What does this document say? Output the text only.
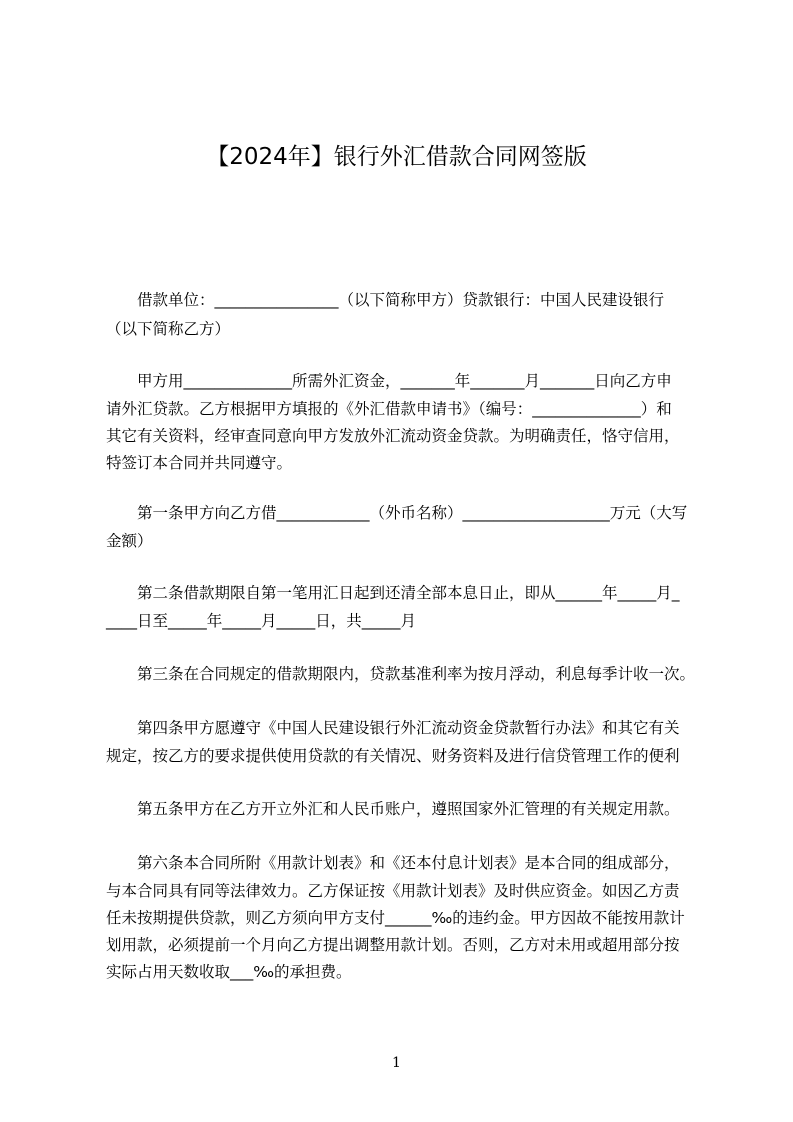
【2024年】银行外汇借款合同网签版

借款单位：________________（以下简称甲方）贷款银行：中国人民建设银行

（以下简称乙方）

甲方用______________所需外汇资金，_______年_______月_______日向乙方申

请外汇贷款。乙方根据甲方填报的《外汇借款申请书》（编号：______________）和

其它有关资料，经审查同意向甲方发放外汇流动资金贷款。为明确责任，恪守信用，

特签订本合同并共同遵守。

第一条甲方向乙方借____________（外币名称）___________________万元（大写

金额）

第二条借款期限自第一笔用汇日起到还清全部本息日止，即从______年_____月_

____日至_____年_____月_____日，共_____月

第三条在合同规定的借款期限内，贷款基准利率为按月浮动，利息每季计收一次。

第四条甲方愿遵守《中国人民建设银行外汇流动资金贷款暂行办法》和其它有关

规定，按乙方的要求提供使用贷款的有关情况、财务资料及进行信贷管理工作的便利

第五条甲方在乙方开立外汇和人民币账户，遵照国家外汇管理的有关规定用款。

第六条本合同所附《用款计划表》和《还本付息计划表》是本合同的组成部分，

与本合同具有同等法律效力。乙方保证按《用款计划表》及时供应资金。如因乙方责

任未按期提供贷款，则乙方须向甲方支付______‰的违约金。甲方因故不能按用款计

划用款，必须提前一个月向乙方提出调整用款计划。否则，乙方对未用或超用部分按

实际占用天数收取___‰的承担费。

1
